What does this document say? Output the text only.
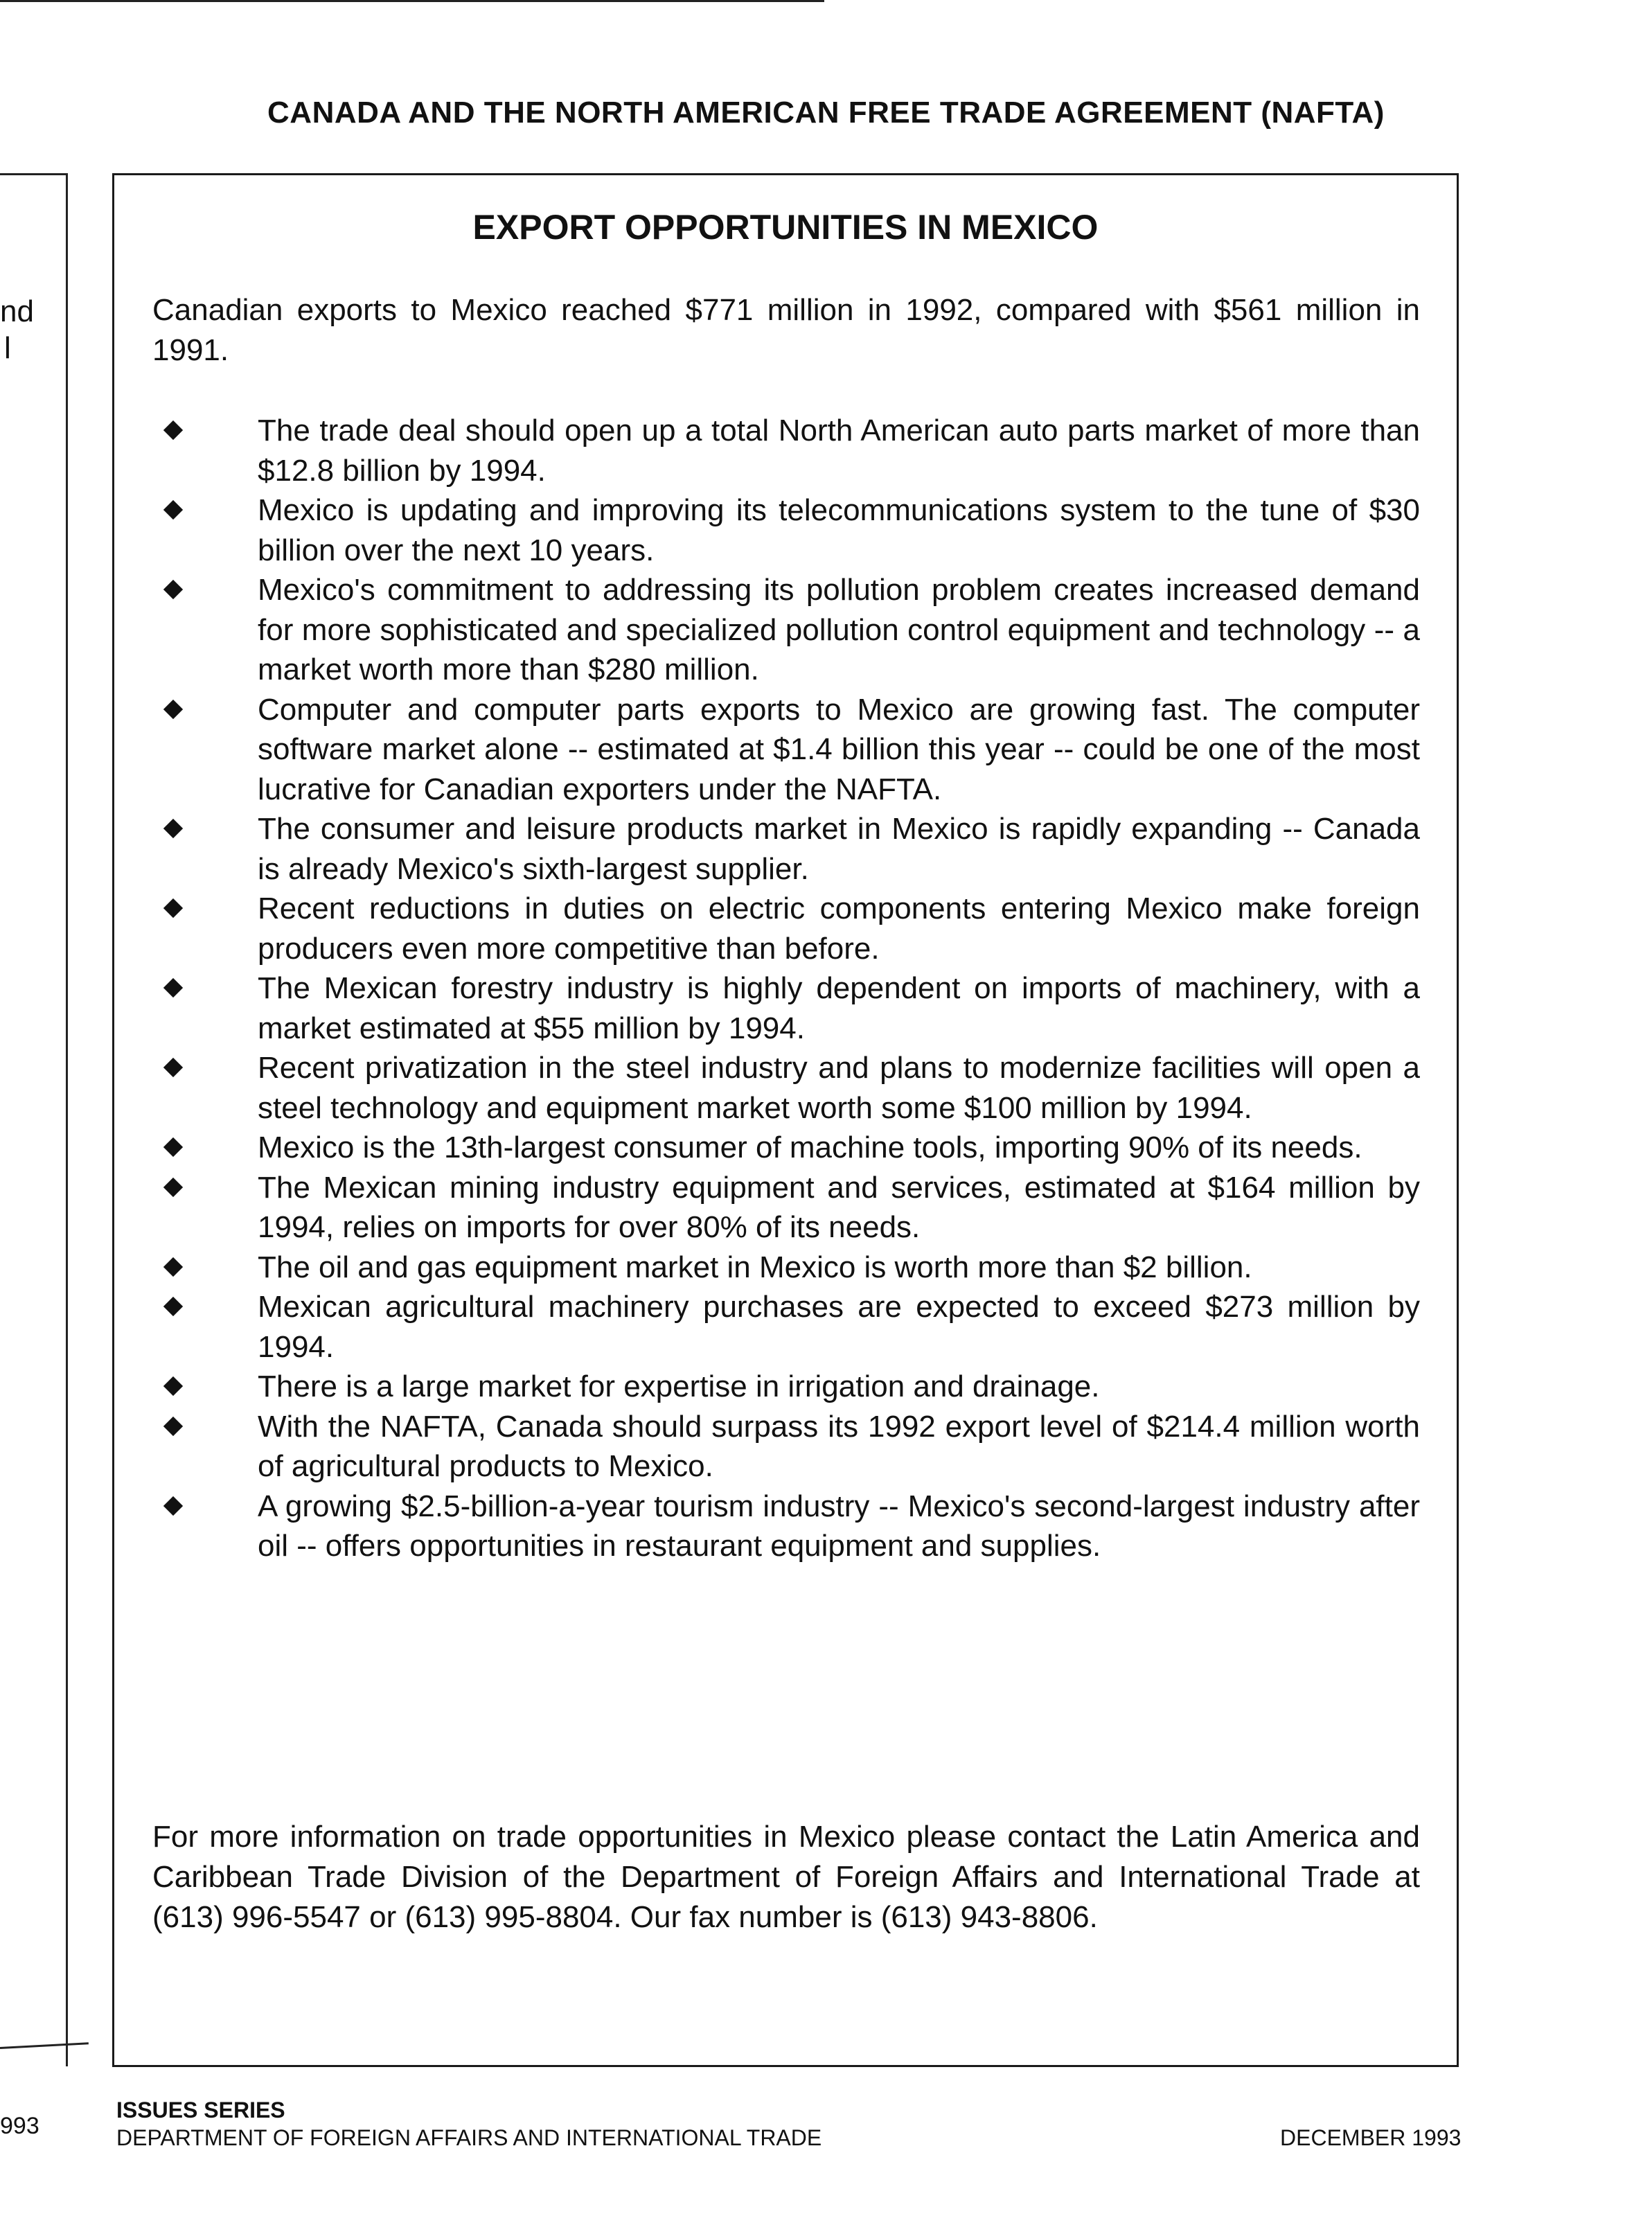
CANADA AND THE NORTH AMERICAN FREE TRADE AGREEMENT (NAFTA)
nd
l
993
EXPORT OPPORTUNITIES IN MEXICO
Canadian exports to Mexico reached $771 million in 1992, compared with $561 million in 1991.
The trade deal should open up a total North American auto parts market of more than $12.8 billion by 1994.
Mexico is updating and improving its telecommunications system to the tune of $30 billion over the next 10 years.
Mexico's commitment to addressing its pollution problem creates increased demand for more sophisticated and specialized pollution control equipment and technology -- a market worth more than $280 million.
Computer and computer parts exports to Mexico are growing fast. The computer software market alone -- estimated at $1.4 billion this year -- could be one of the most lucrative for Canadian exporters under the NAFTA.
The consumer and leisure products market in Mexico is rapidly expanding -- Canada is already Mexico's sixth-largest supplier.
Recent reductions in duties on electric components entering Mexico make foreign producers even more competitive than before.
The Mexican forestry industry is highly dependent on imports of machinery, with a market estimated at $55 million by 1994.
Recent privatization in the steel industry and plans to modernize facilities will open a steel technology and equipment market worth some $100 million by 1994.
Mexico is the 13th-largest consumer of machine tools, importing 90% of its needs.
The Mexican mining industry equipment and services, estimated at $164 million by 1994, relies on imports for over 80% of its needs.
The oil and gas equipment market in Mexico is worth more than $2 billion.
Mexican agricultural machinery purchases are expected to exceed $273 million by 1994.
There is a large market for expertise in irrigation and drainage.
With the NAFTA, Canada should surpass its 1992 export level of $214.4 million worth of agricultural products to Mexico.
A growing $2.5-billion-a-year tourism industry -- Mexico's second-largest industry after oil -- offers opportunities in restaurant equipment and supplies.
For more information on trade opportunities in Mexico please contact the Latin America and Caribbean Trade Division of the Department of Foreign Affairs and International Trade at (613) 996-5547 or (613) 995-8804. Our fax number is (613) 943-8806.
ISSUES SERIES
DEPARTMENT OF FOREIGN AFFAIRS AND INTERNATIONAL TRADE	DECEMBER 1993
